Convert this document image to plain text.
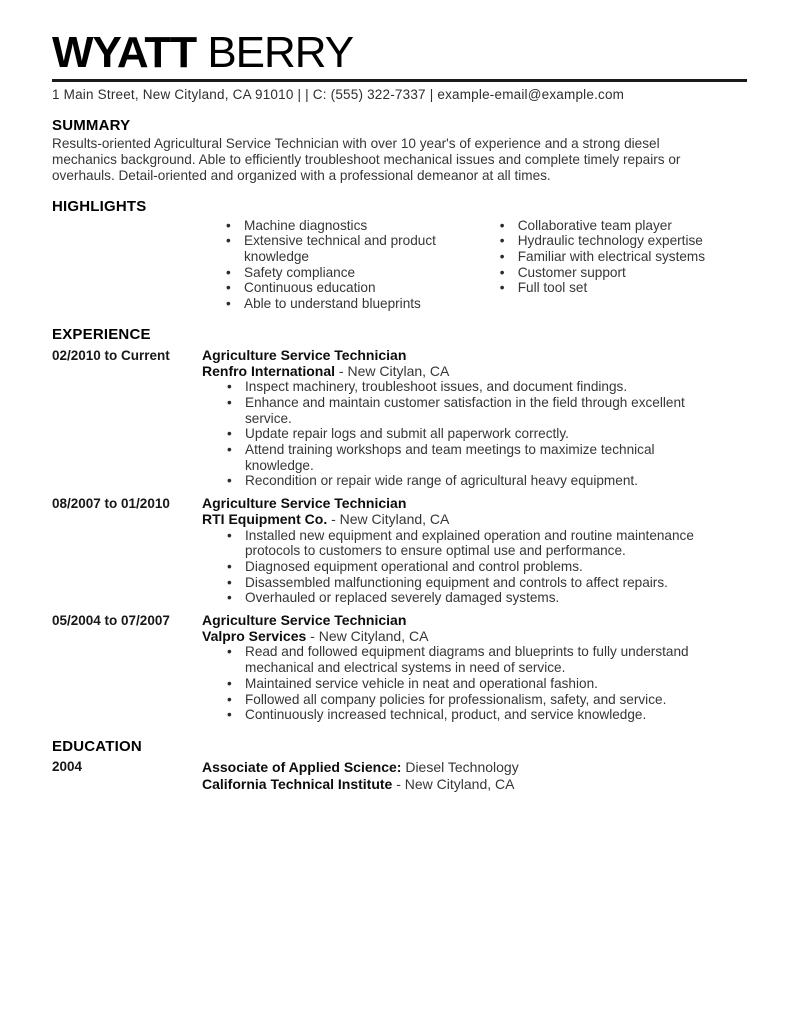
WYATT BERRY
1 Main Street, New Cityland, CA 91010 | | C: (555) 322-7337 | example-email@example.com
SUMMARY

Results-oriented Agricultural Service Technician with over 10 year's of experience and a strong diesel mechanics background. Able to efficiently troubleshoot mechanical issues and complete timely repairs or overhauls. Detail-oriented and organized with a professional demeanor at all times.

HIGHLIGHTS
• Machine diagnostics
• Extensive technical and product knowledge
• Safety compliance
• Continuous education
• Able to understand blueprints
• Collaborative team player
• Hydraulic technology expertise
• Familiar with electrical systems
• Customer support
• Full tool set
EXPERIENCE
02/2010 to Current	Agriculture Service Technician
Renfro International - New Citylan, CA
• Inspect machinery, troubleshoot issues, and document findings.
• Enhance and maintain customer satisfaction in the field through excellent service.
• Update repair logs and submit all paperwork correctly.
• Attend training workshops and team meetings to maximize technical knowledge.
• Recondition or repair wide range of agricultural heavy equipment.
08/2007 to 01/2010	Agriculture Service Technician
RTI Equipment Co. - New Cityland, CA
• Installed new equipment and explained operation and routine maintenance protocols to customers to ensure optimal use and performance.
• Diagnosed equipment operational and control problems.
• Disassembled malfunctioning equipment and controls to affect repairs.
• Overhauled or replaced severely damaged systems.
05/2004 to 07/2007	Agriculture Service Technician
Valpro Services - New Cityland, CA
• Read and followed equipment diagrams and blueprints to fully understand mechanical and electrical systems in need of service.
• Maintained service vehicle in neat and operational fashion.
• Followed all company policies for professionalism, safety, and service.
• Continuously increased technical, product, and service knowledge.
EDUCATION
2004	Associate of Applied Science: Diesel Technology
California Technical Institute - New Cityland, CA
